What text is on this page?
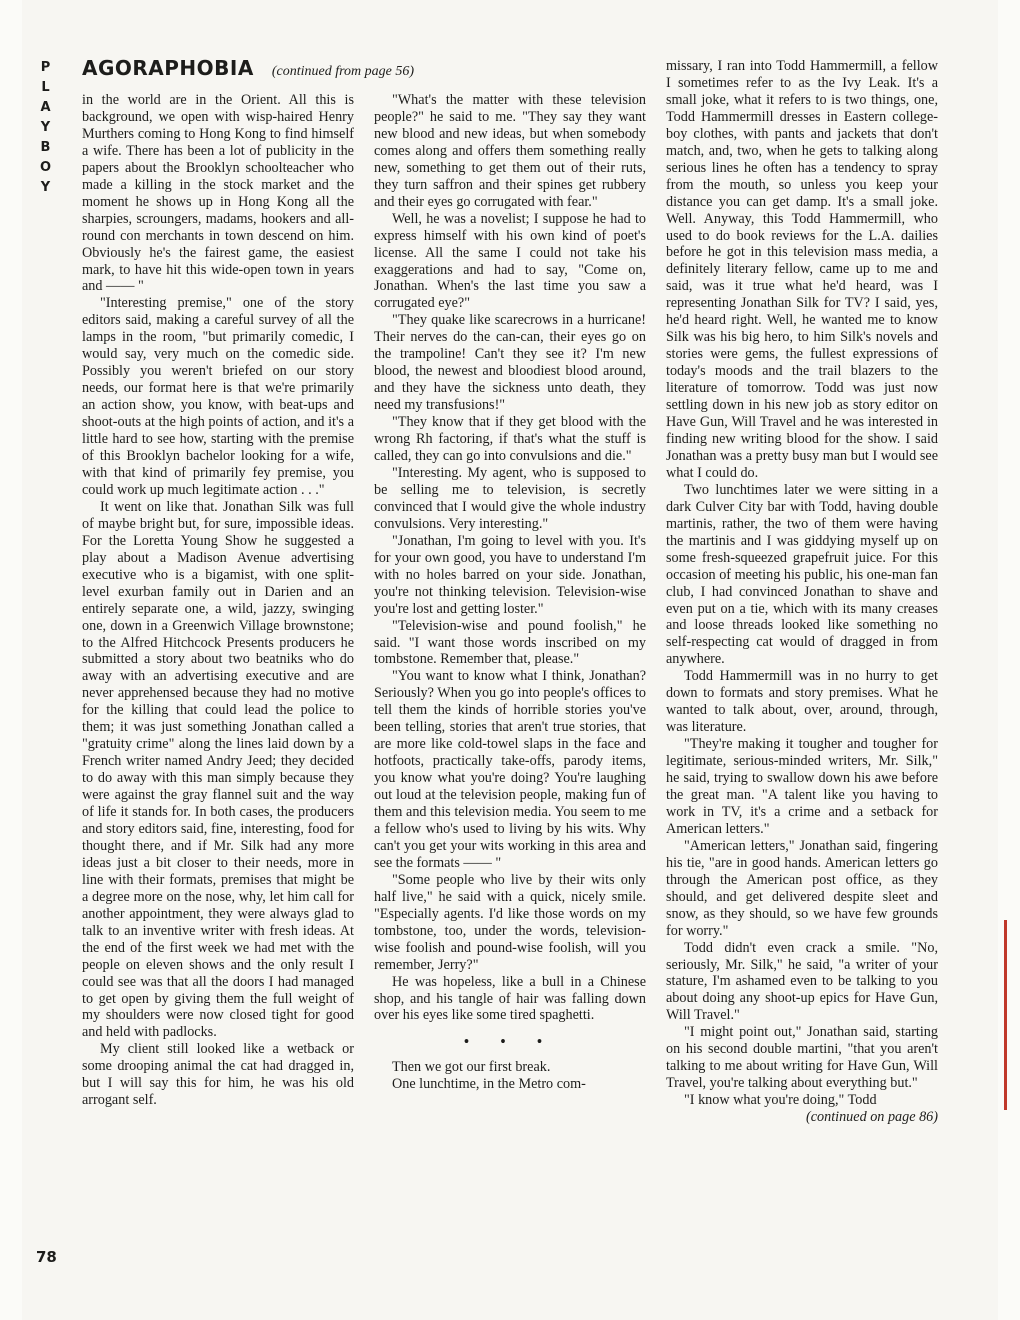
P
L
A
Y
B
O
Y
AGORAPHOBIA (continued from page 56)

in the world are in the Orient. All this is background, we open with wisp-haired Henry Murthers coming to Hong Kong to find himself a wife. There has been a lot of publicity in the papers about the Brooklyn schoolteacher who made a killing in the stock market and the moment he shows up in Hong Kong all the sharpies, scroungers, madams, hookers and all-round con merchants in town descend on him. Obviously he's the fairest game, the easiest mark, to have hit this wide-open town in years and —— "

"Interesting premise," one of the story editors said, making a careful survey of all the lamps in the room, "but primarily comedic, I would say, very much on the comedic side. Possibly you weren't briefed on our story needs, our format here is that we're primarily an action show, you know, with beat-ups and shoot-outs at the high points of action, and it's a little hard to see how, starting with the premise of this Brooklyn bachelor looking for a wife, with that kind of primarily fey premise, you could work up much legitimate action . . ."

It went on like that. Jonathan Silk was full of maybe bright but, for sure, impossible ideas. For the Loretta Young Show he suggested a play about a Madison Avenue advertising executive who is a bigamist, with one split-level exurban family out in Darien and an entirely separate one, a wild, jazzy, swinging one, down in a Greenwich Village brownstone; to the Alfred Hitchcock Presents producers he submitted a story about two beatniks who do away with an advertising executive and are never apprehensed because they had no motive for the killing that could lead the police to them; it was just something Jonathan called a "gratuity crime" along the lines laid down by a French writer named Andry Jeed; they decided to do away with this man simply because they were against the gray flannel suit and the way of life it stands for. In both cases, the producers and story editors said, fine, interesting, food for thought there, and if Mr. Silk had any more ideas just a bit closer to their needs, more in line with their formats, premises that might be a degree more on the nose, why, let him call for another appointment, they were always glad to talk to an inventive writer with fresh ideas. At the end of the first week we had met with the people on eleven shows and the only result I could see was that all the doors I had managed to get open by giving them the full weight of my shoulders were now closed tight for good and held with padlocks.

My client still looked like a wetback or some drooping animal the cat had dragged in, but I will say this for him, he was his old arrogant self.

"What's the matter with these television people?" he said to me. "They say they want new blood and new ideas, but when somebody comes along and offers them something really new, something to get them out of their ruts, they turn saffron and their spines get rubbery and their eyes go corrugated with fear."

Well, he was a novelist; I suppose he had to express himself with his own kind of poet's license. All the same I could not take his exaggerations and had to say, "Come on, Jonathan. When's the last time you saw a corrugated eye?"

"They quake like scarecrows in a hurricane! Their nerves do the can-can, their eyes go on the trampoline! Can't they see it? I'm new blood, the newest and bloodiest blood around, and they have the sickness unto death, they need my transfusions!"

"They know that if they get blood with the wrong Rh factoring, if that's what the stuff is called, they can go into convulsions and die."

"Interesting. My agent, who is supposed to be selling me to television, is secretly convinced that I would give the whole industry convulsions. Very interesting."

"Jonathan, I'm going to level with you. It's for your own good, you have to understand I'm with no holes barred on your side. Jonathan, you're not thinking television. Television-wise you're lost and getting loster."

"Television-wise and pound foolish," he said. "I want those words inscribed on my tombstone. Remember that, please."

"You want to know what I think, Jonathan? Seriously? When you go into people's offices to tell them the kinds of horrible stories you've been telling, stories that aren't true stories, that are more like cold-towel slaps in the face and hotfoots, practically take-offs, parody items, you know what you're doing? You're laughing out loud at the television people, making fun of them and this television media. You seem to me a fellow who's used to living by his wits. Why can't you get your wits working in this area and see the formats —— "

"Some people who live by their wits only half live," he said with a quick, nicely smile. "Especially agents. I'd like those words on my tombstone, too, under the words, television-wise foolish and pound-wise foolish, will you remember, Jerry?"

He was hopeless, like a bull in a Chinese shop, and his tangle of hair was falling down over his eyes like some tired spaghetti.

• • •

Then we got our first break.

One lunchtime, in the Metro com-

missary, I ran into Todd Hammermill, a fellow I sometimes refer to as the Ivy Leak. It's a small joke, what it refers to is two things, one, Todd Hammermill dresses in Eastern college-boy clothes, with pants and jackets that don't match, and, two, when he gets to talking along serious lines he often has a tendency to spray from the mouth, so unless you keep your distance you can get damp. It's a small joke. Well. Anyway, this Todd Hammermill, who used to do book reviews for the L.A. dailies before he got in this television mass media, a definitely literary fellow, came up to me and said, was it true what he'd heard, was I representing Jonathan Silk for TV? I said, yes, he'd heard right. Well, he wanted me to know Silk was his big hero, to him Silk's novels and stories were gems, the fullest expressions of today's moods and the trail blazers to the literature of tomorrow. Todd was just now settling down in his new job as story editor on Have Gun, Will Travel and he was interested in finding new writing blood for the show. I said Jonathan was a pretty busy man but I would see what I could do.

Two lunchtimes later we were sitting in a dark Culver City bar with Todd, having double martinis, rather, the two of them were having the martinis and I was giddying myself up on some fresh-squeezed grapefruit juice. For this occasion of meeting his public, his one-man fan club, I had convinced Jonathan to shave and even put on a tie, which with its many creases and loose threads looked like something no self-respecting cat would of dragged in from anywhere.

Todd Hammermill was in no hurry to get down to formats and story premises. What he wanted to talk about, over, around, through, was literature.

"They're making it tougher and tougher for legitimate, serious-minded writers, Mr. Silk," he said, trying to swallow down his awe before the great man. "A talent like you having to work in TV, it's a crime and a setback for American letters."

"American letters," Jonathan said, fingering his tie, "are in good hands. American letters go through the American post office, as they should, and get delivered despite sleet and snow, as they should, so we have few grounds for worry."

Todd didn't even crack a smile. "No, seriously, Mr. Silk," he said, "a writer of your stature, I'm ashamed even to be talking to you about doing any shoot-up epics for Have Gun, Will Travel."

"I might point out," Jonathan said, starting on his second double martini, "that you aren't talking to me about writing for Have Gun, Will Travel, you're talking about everything but."

"I know what you're doing," Todd

(continued on page 86)

78
